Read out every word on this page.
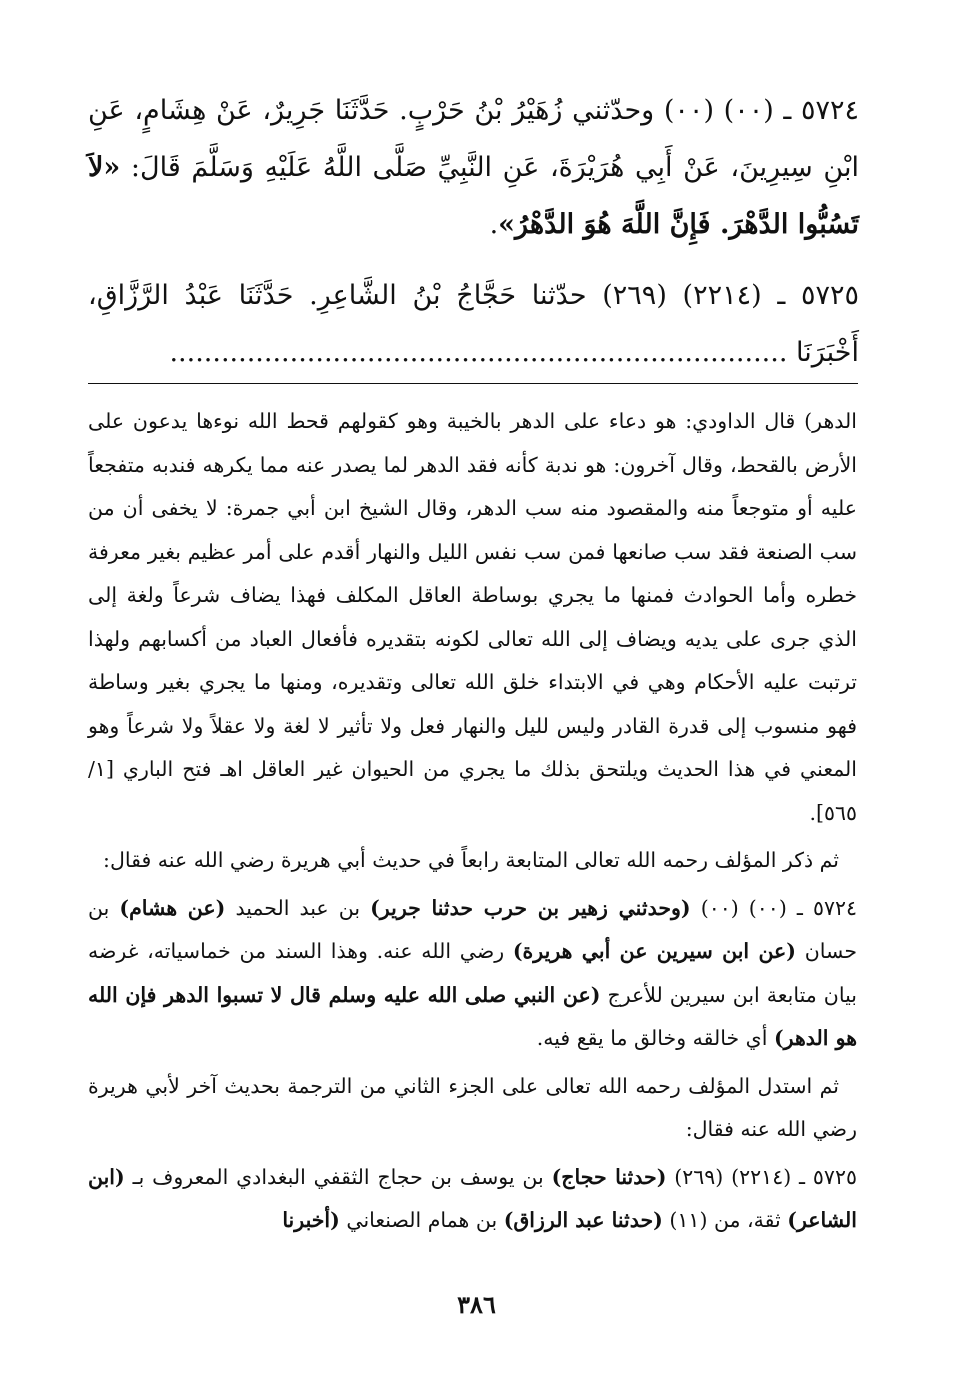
٥٧٢٤ ـ (٠٠) (٠٠) وحدّثني زُهَيْرُ بْنُ حَرْبٍ. حَدَّثَنَا جَرِيرٌ، عَنْ هِشَامٍ، عَنِ ابْنِ سِيرِينَ، عَنْ أَبِي هُرَيْرَةَ، عَنِ النَّبِيِّ صَلَّى اللَّهُ عَلَيْهِ وَسَلَّمَ قَالَ: «لاَ تَسُبُّوا الدَّهْرَ. فَإِنَّ اللَّهَ هُوَ الدَّهْرُ».

٥٧٢٥ ـ (٢٢١٤) (٢٦٩) حدّثنا حَجَّاجُ بْنُ الشَّاعِرِ. حَدَّثَنَا عَبْدُ الرَّزَّاقِ، أَخْبَرَنَا ........................................................................

الدهر) قال الداودي: هو دعاء على الدهر بالخيبة وهو كقولهم قحط الله نوءها يدعون على الأرض بالقحط، وقال آخرون: هو ندبة كأنه فقد الدهر لما يصدر عنه مما يكرهه فندبه متفجعاً عليه أو متوجعاً منه والمقصود منه سب الدهر، وقال الشيخ ابن أبي جمرة: لا يخفى أن من سب الصنعة فقد سب صانعها فمن سب نفس الليل والنهار أقدم على أمر عظيم بغير معرفة خطره وأما الحوادث فمنها ما يجري بوساطة العاقل المكلف فهذا يضاف شرعاً ولغة إلى الذي جرى على يديه ويضاف إلى الله تعالى لكونه بتقديره فأفعال العباد من أكسابهم ولهذا ترتبت عليه الأحكام وهي في الابتداء خلق الله تعالى وتقديره، ومنها ما يجري بغير وساطة فهو منسوب إلى قدرة القادر وليس لليل والنهار فعل ولا تأثير لا لغة ولا عقلاً ولا شرعاً وهو المعني في هذا الحديث ويلتحق بذلك ما يجري من الحيوان غير العاقل اهـ فتح الباري [١/ ٥٦٥].

ثم ذكر المؤلف رحمه الله تعالى المتابعة رابعاً في حديث أبي هريرة رضي الله عنه فقال:

٥٧٢٤ ـ (٠٠) (٠٠) (وحدثني زهير بن حرب حدثنا جرير) بن عبد الحميد (عن هشام) بن حسان (عن ابن سيرين عن أبي هريرة) رضي الله عنه. وهذا السند من خماسياته، غرضه بيان متابعة ابن سيرين للأعرج (عن النبي صلى الله عليه وسلم قال لا تسبوا الدهر فإن الله هو الدهر) أي خالقه وخالق ما يقع فيه.

ثم استدل المؤلف رحمه الله تعالى على الجزء الثاني من الترجمة بحديث آخر لأبي هريرة رضي الله عنه فقال:

٥٧٢٥ ـ (٢٢١٤) (٢٦٩) (حدثنا حجاج) بن يوسف بن حجاج الثقفي البغدادي المعروف بـ (ابن الشاعر) ثقة، من (١١) (حدثنا عبد الرزاق) بن همام الصنعاني (أخبرنا

٣٨٦
